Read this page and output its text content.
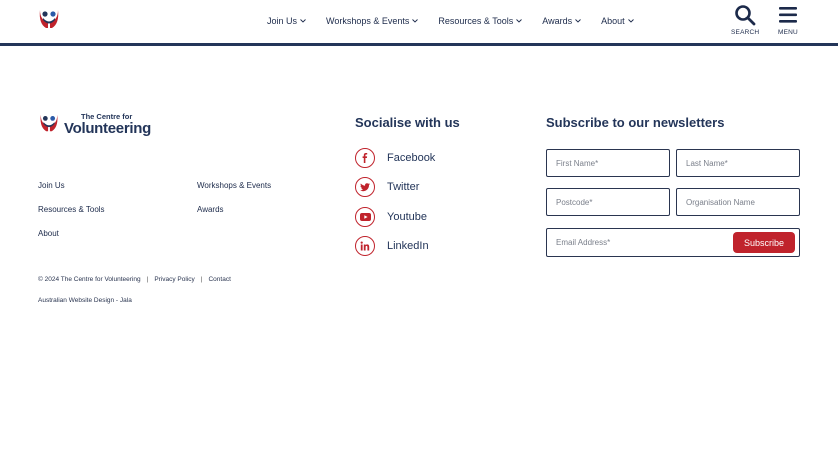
Join Us	Workshops & Events	Resources & Tools	Awards	About
SEARCH	MENU
The Centre for
Volunteering
Join Us	Workshops & Events
Resources & Tools	Awards
About
© 2024 The Centre for Volunteering | Privacy Policy | Contact
Australian Website Design - Jala
Socialise with us
Facebook
Twitter
Youtube
LinkedIn
Subscribe to our newsletters
First Name*
Last Name*
Postcode*
Organisation Name
Email Address*
Subscribe
